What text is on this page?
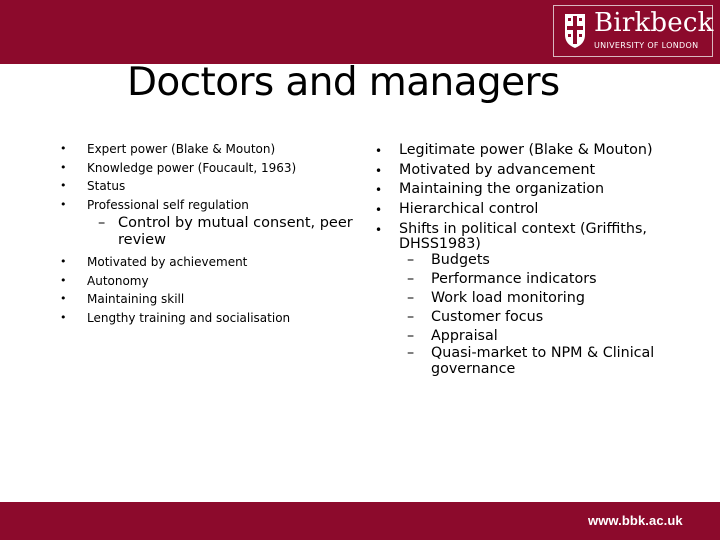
Birkbeck
UNIVERSITY OF LONDON
Doctors and managers
• Expert power (Blake & Mouton)
• Knowledge power (Foucault, 1963)
• Status
• Professional self regulation
– Control by mutual consent, peer review
• Motivated by achievement
• Autonomy
• Maintaining skill
• Lengthy training and socialisation
• Legitimate power (Blake & Mouton)
• Motivated by advancement
• Maintaining the organization
• Hierarchical control
• Shifts in political context (Griffiths, DHSS1983)
– Budgets
– Performance indicators
– Work load monitoring
– Customer focus
– Appraisal
– Quasi-market to NPM & Clinical governance
www.bbk.ac.uk
